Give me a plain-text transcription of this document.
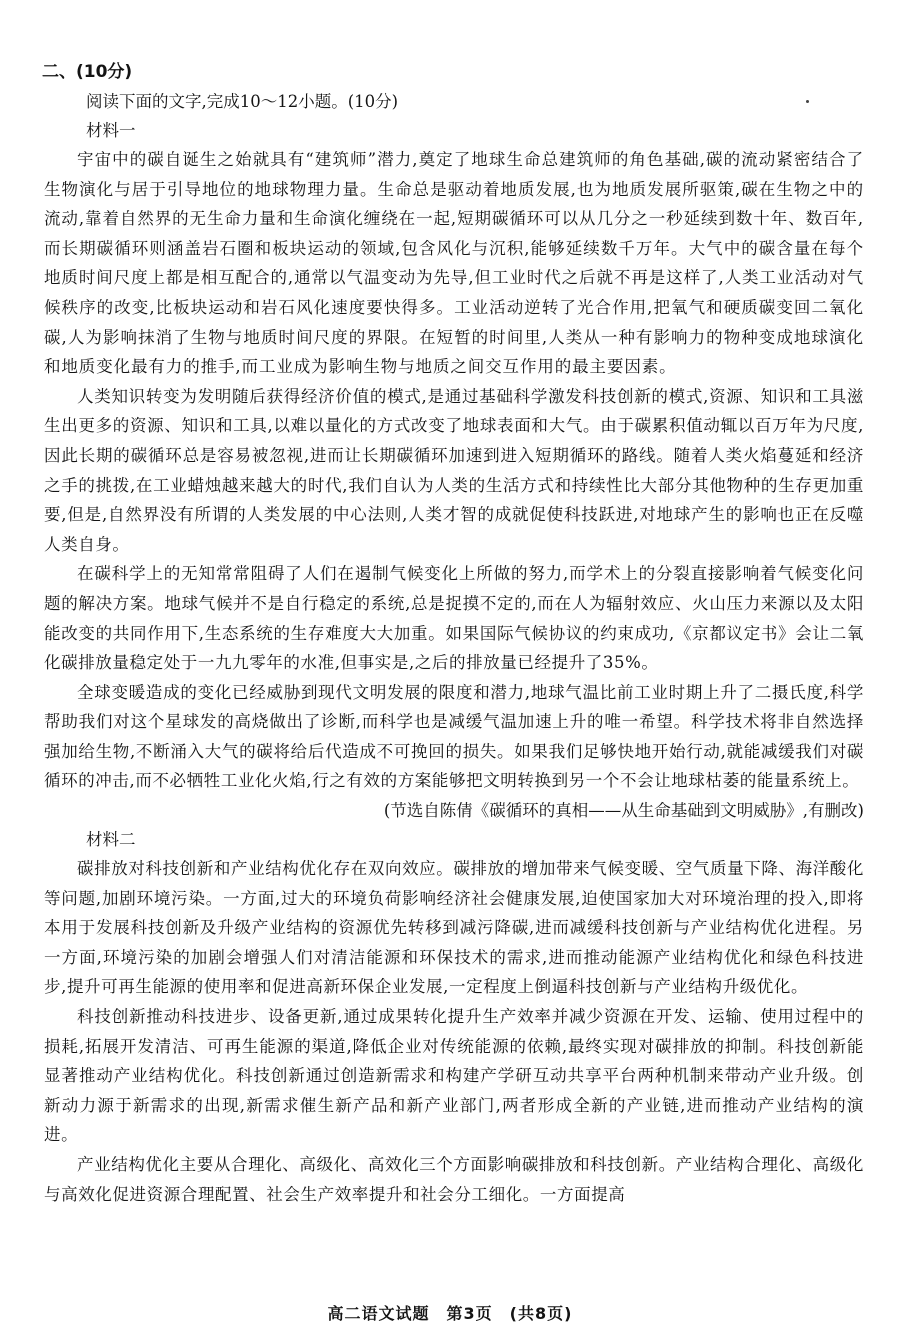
二、(10分)
阅读下面的文字,完成10～12小题。(10分)
材料一

宇宙中的碳自诞生之始就具有“建筑师”潜力,奠定了地球生命总建筑师的角色基础,碳的流动紧密结合了生物演化与居于引导地位的地球物理力量。生命总是驱动着地质发展,也为地质发展所驱策,碳在生物之中的流动,靠着自然界的无生命力量和生命演化缠绕在一起,短期碳循环可以从几分之一秒延续到数十年、数百年,而长期碳循环则涵盖岩石圈和板块运动的领域,包含风化与沉积,能够延续数千万年。大气中的碳含量在每个地质时间尺度上都是相互配合的,通常以气温变动为先导,但工业时代之后就不再是这样了,人类工业活动对气候秩序的改变,比板块运动和岩石风化速度要快得多。工业活动逆转了光合作用,把氧气和硬质碳变回二氧化碳,人为影响抹消了生物与地质时间尺度的界限。在短暂的时间里,人类从一种有影响力的物种变成地球演化和地质变化最有力的推手,而工业成为影响生物与地质之间交互作用的最主要因素。

人类知识转变为发明随后获得经济价值的模式,是通过基础科学激发科技创新的模式,资源、知识和工具滋生出更多的资源、知识和工具,以难以量化的方式改变了地球表面和大气。由于碳累积值动辄以百万年为尺度,因此长期的碳循环总是容易被忽视,进而让长期碳循环加速到进入短期循环的路线。随着人类火焰蔓延和经济之手的挑拨,在工业蜡烛越来越大的时代,我们自认为人类的生活方式和持续性比大部分其他物种的生存更加重要,但是,自然界没有所谓的人类发展的中心法则,人类才智的成就促使科技跃进,对地球产生的影响也正在反噬人类自身。

在碳科学上的无知常常阻碍了人们在遏制气候变化上所做的努力,而学术上的分裂直接影响着气候变化问题的解决方案。地球气候并不是自行稳定的系统,总是捉摸不定的,而在人为辐射效应、火山压力来源以及太阳能改变的共同作用下,生态系统的生存难度大大加重。如果国际气候协议的约束成功,《京都议定书》会让二氧化碳排放量稳定处于一九九零年的水准,但事实是,之后的排放量已经提升了35%。

全球变暖造成的变化已经威胁到现代文明发展的限度和潜力,地球气温比前工业时期上升了二摄氏度,科学帮助我们对这个星球发的高烧做出了诊断,而科学也是减缓气温加速上升的唯一希望。科学技术将非自然选择强加给生物,不断涌入大气的碳将给后代造成不可挽回的损失。如果我们足够快地开始行动,就能减缓我们对碳循环的冲击,而不必牺牲工业化火焰,行之有效的方案能够把文明转换到另一个不会让地球枯萎的能量系统上。

(节选自陈倩《碳循环的真相——从生命基础到文明威胁》,有删改)
材料二

碳排放对科技创新和产业结构优化存在双向效应。碳排放的增加带来气候变暖、空气质量下降、海洋酸化等问题,加剧环境污染。一方面,过大的环境负荷影响经济社会健康发展,迫使国家加大对环境治理的投入,即将本用于发展科技创新及升级产业结构的资源优先转移到减污降碳,进而减缓科技创新与产业结构优化进程。另一方面,环境污染的加剧会增强人们对清洁能源和环保技术的需求,进而推动能源产业结构优化和绿色科技进步,提升可再生能源的使用率和促进高新环保企业发展,一定程度上倒逼科技创新与产业结构升级优化。

科技创新推动科技进步、设备更新,通过成果转化提升生产效率并减少资源在开发、运输、使用过程中的损耗,拓展开发清洁、可再生能源的渠道,降低企业对传统能源的依赖,最终实现对碳排放的抑制。科技创新能显著推动产业结构优化。科技创新通过创造新需求和构建产学研互动共享平台两种机制来带动产业升级。创新动力源于新需求的出现,新需求催生新产品和新产业部门,两者形成全新的产业链,进而推动产业结构的演进。

产业结构优化主要从合理化、高级化、高效化三个方面影响碳排放和科技创新。产业结构合理化、高级化与高效化促进资源合理配置、社会生产效率提升和社会分工细化。一方面提高

高二语文试题　第3页　(共8页)
